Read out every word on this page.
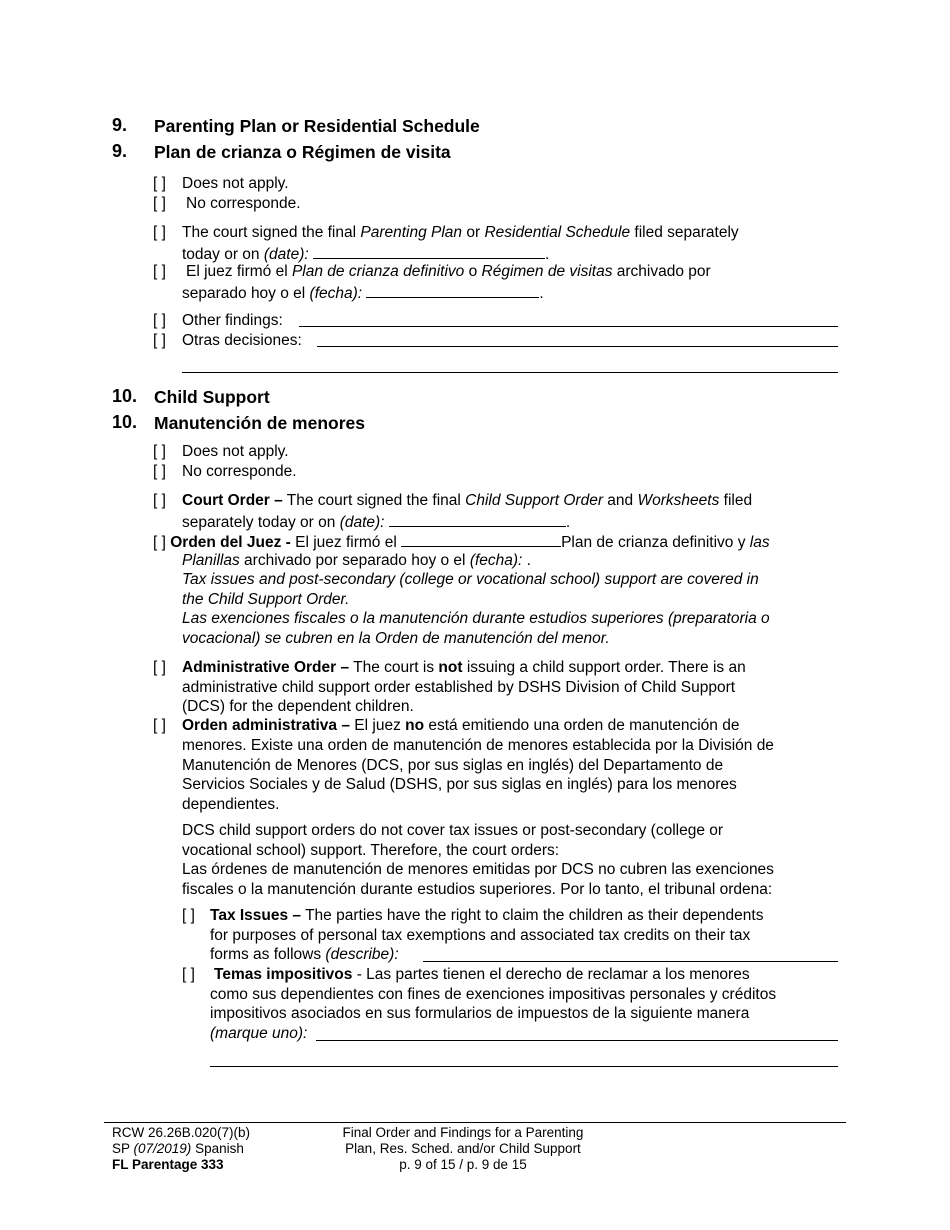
9. Parenting Plan or Residential Schedule
9. Plan de crianza o Régimen de visita
[ ] Does not apply.
[ ] No corresponde.
[ ] The court signed the final Parenting Plan or Residential Schedule filed separately
today or on (date):	.
[ ] El juez firmó el Plan de crianza definitivo o Régimen de visitas archivado por
separado hoy o el (fecha):	.
[ ] Other findings:
[ ] Otras decisiones:
10. Child Support
10. Manutención de menores
[ ] Does not apply.
[ ] No corresponde.
[ ] Court Order – The court signed the final Child Support Order and Worksheets filed
separately today or on (date):	.
[ ] Orden del Juez - El juez firmó el	Plan de crianza definitivo y las
Planillas archivado por separado hoy o el (fecha): .
Tax issues and post-secondary (college or vocational school) support are covered in
the Child Support Order.
Las exenciones fiscales o la manutención durante estudios superiores (preparatoria o
vocacional) se cubren en la Orden de manutención del menor.
[ ] Administrative Order – The court is not issuing a child support order. There is an
administrative child support order established by DSHS Division of Child Support
(DCS) for the dependent children.
[ ] Orden administrativa – El juez no está emitiendo una orden de manutención de
menores. Existe una orden de manutención de menores establecida por la División de
Manutención de Menores (DCS, por sus siglas en inglés) del Departamento de
Servicios Sociales y de Salud (DSHS, por sus siglas en inglés) para los menores
dependientes.
DCS child support orders do not cover tax issues or post-secondary (college or
vocational school) support. Therefore, the court orders:
Las órdenes de manutención de menores emitidas por DCS no cubren las exenciones
fiscales o la manutención durante estudios superiores. Por lo tanto, el tribunal ordena:
[ ] Tax Issues – The parties have the right to claim the children as their dependents
for purposes of personal tax exemptions and associated tax credits on their tax
forms as follows (describe):
[ ] Temas impositivos - Las partes tienen el derecho de reclamar a los menores
como sus dependientes con fines de exenciones impositivas personales y créditos
impositivos asociados en sus formularios de impuestos de la siguiente manera
(marque uno):
RCW 26.26B.020(7)(b)
SP (07/2019) Spanish
FL Parentage 333
Final Order and Findings for a Parenting
Plan, Res. Sched. and/or Child Support
p. 9 of 15 / p. 9 de 15
